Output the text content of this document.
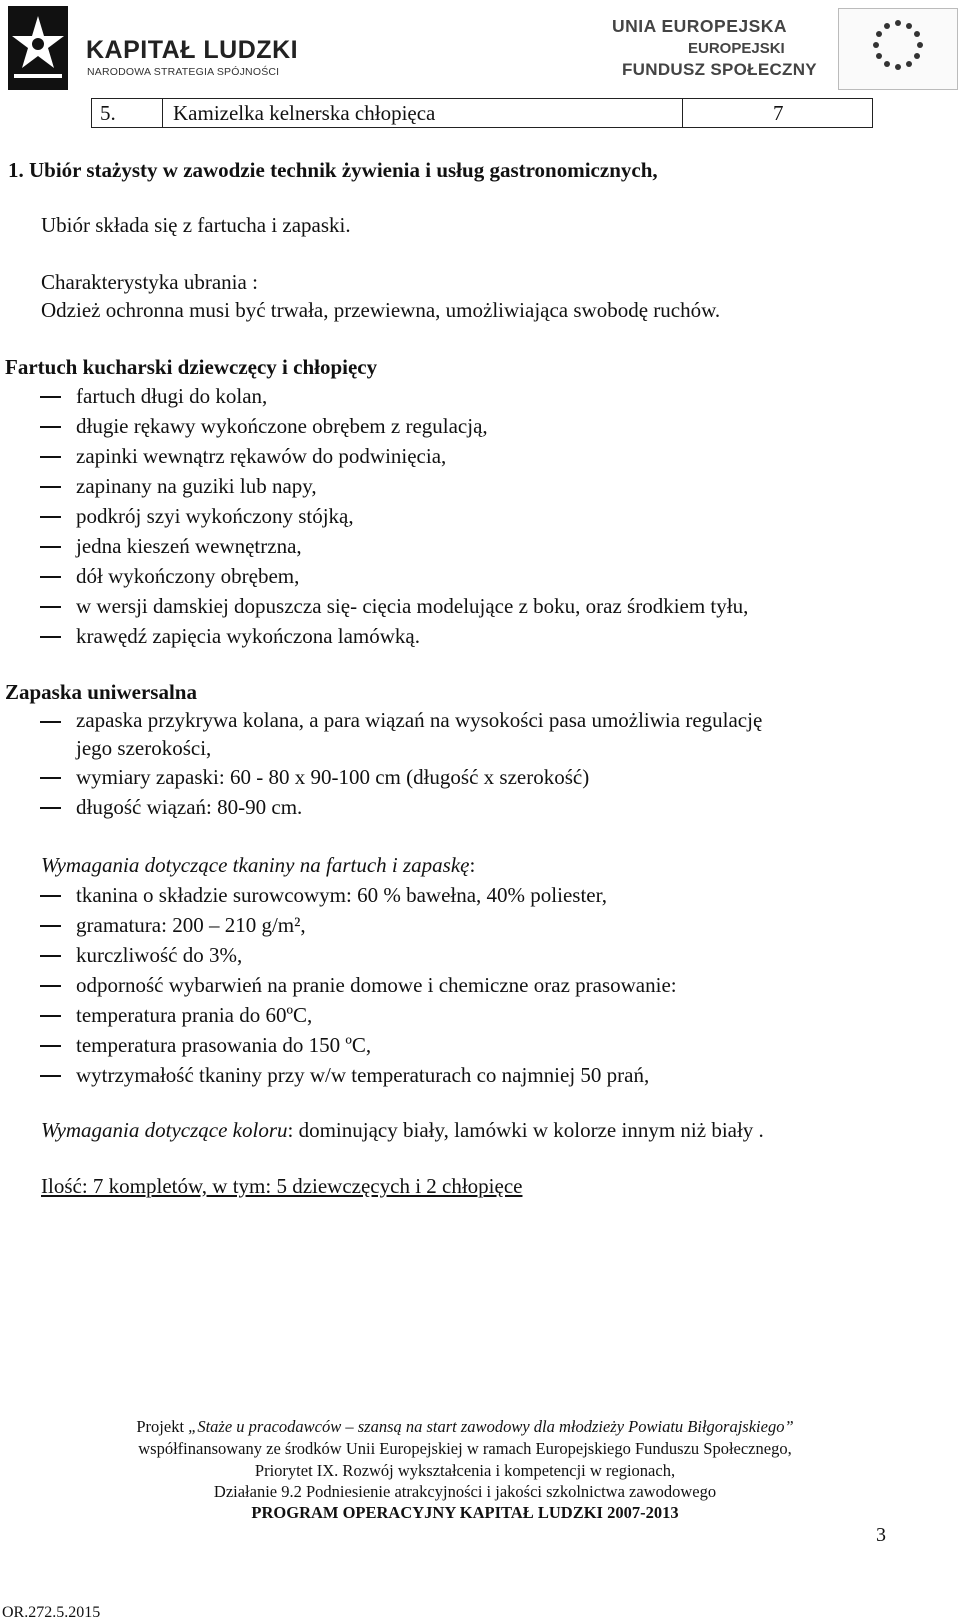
KAPITAŁ LUDZKI
NARODOWA STRATEGIA SPÓJNOŚCI
UNIA EUROPEJSKA
EUROPEJSKI
FUNDUSZ SPOŁECZNY
5.	Kamizelka kelnerska chłopięca	7
1. Ubiór stażysty w zawodzie technik żywienia i usług gastronomicznych,
Ubiór składa się z fartucha i zapaski.
Charakterystyka ubrania :
Odzież ochronna musi być trwała, przewiewna, umożliwiająca swobodę ruchów.
Fartuch kucharski dziewczęcy i chłopięcy
fartuch długi do kolan,
długie rękawy wykończone obrębem z regulacją,
zapinki wewnątrz rękawów do podwinięcia,
zapinany na guziki lub napy,
podkrój szyi wykończony stójką,
jedna kieszeń wewnętrzna,
dół wykończony obrębem,
w wersji damskiej dopuszcza się- cięcia modelujące z boku, oraz środkiem tyłu,
krawędź zapięcia wykończona lamówką.
Zapaska uniwersalna
zapaska przykrywa kolana, a para wiązań na wysokości pasa umożliwia regulację
jego szerokości,
wymiary zapaski: 60 - 80 x 90-100 cm (długość x szerokość)
długość wiązań: 80-90 cm.
Wymagania dotyczące tkaniny na fartuch i zapaskę:
tkanina o składzie surowcowym: 60 % bawełna, 40% poliester,
gramatura: 200 – 210 g/m²,
kurczliwość do 3%,
odporność wybarwień na pranie domowe i chemiczne oraz prasowanie:
temperatura prania do 60ºC,
temperatura prasowania do 150 ºC,
wytrzymałość tkaniny przy w/w temperaturach co najmniej 50 prań,
Wymagania dotyczące koloru: dominujący biały, lamówki w kolorze innym niż biały .
Ilość: 7 kompletów, w tym: 5 dziewczęcych i 2 chłopięce
Projekt „Staże u pracodawców – szansą na start zawodowy dla młodzieży Powiatu Biłgorajskiego”
współfinansowany ze środków Unii Europejskiej w ramach Europejskiego Funduszu Społecznego,
Priorytet IX. Rozwój wykształcenia i kompetencji w regionach,
Działanie 9.2 Podniesienie atrakcyjności i jakości szkolnictwa zawodowego
PROGRAM OPERACYJNY KAPITAŁ LUDZKI 2007-2013
3
OR.272.5.2015
